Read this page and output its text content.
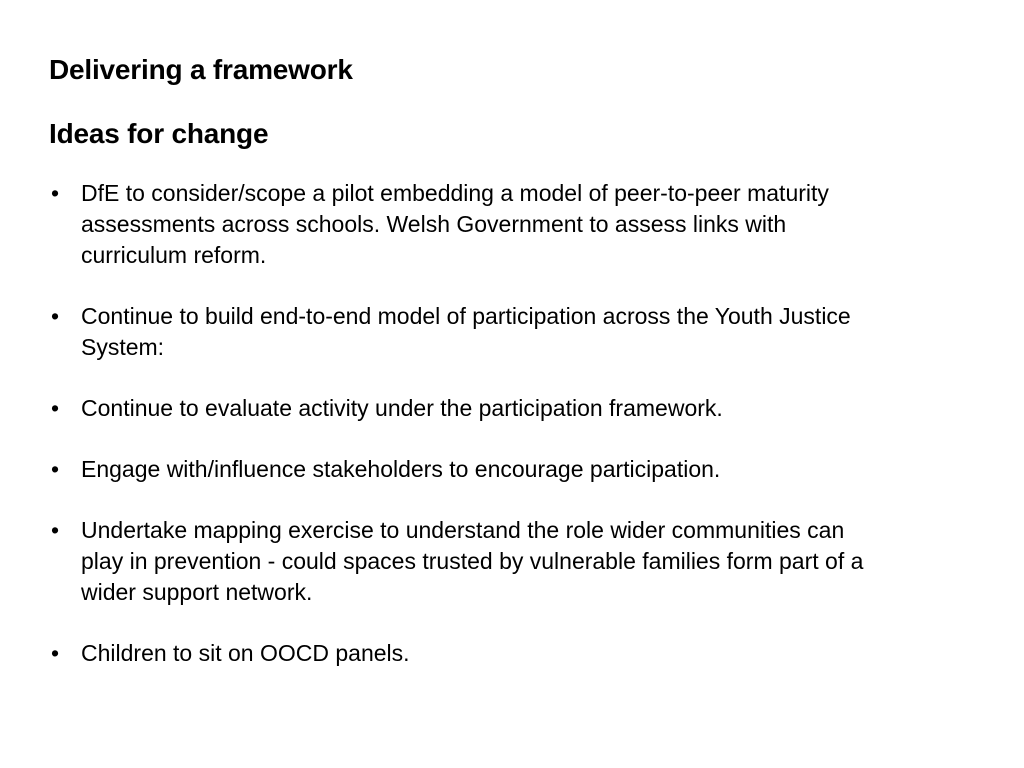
Delivering a framework
Ideas for change
• DfE to consider/scope a pilot embedding a model of peer-to-peer maturity assessments across schools. Welsh Government to assess links with curriculum reform.
• Continue to build end-to-end model of participation across the Youth Justice System:
• Continue to evaluate activity under the participation framework.
• Engage with/influence stakeholders to encourage participation.
• Undertake mapping exercise to understand the role wider communities can play in prevention - could spaces trusted by vulnerable families form part of a wider support network.
• Children to sit on OOCD panels.
